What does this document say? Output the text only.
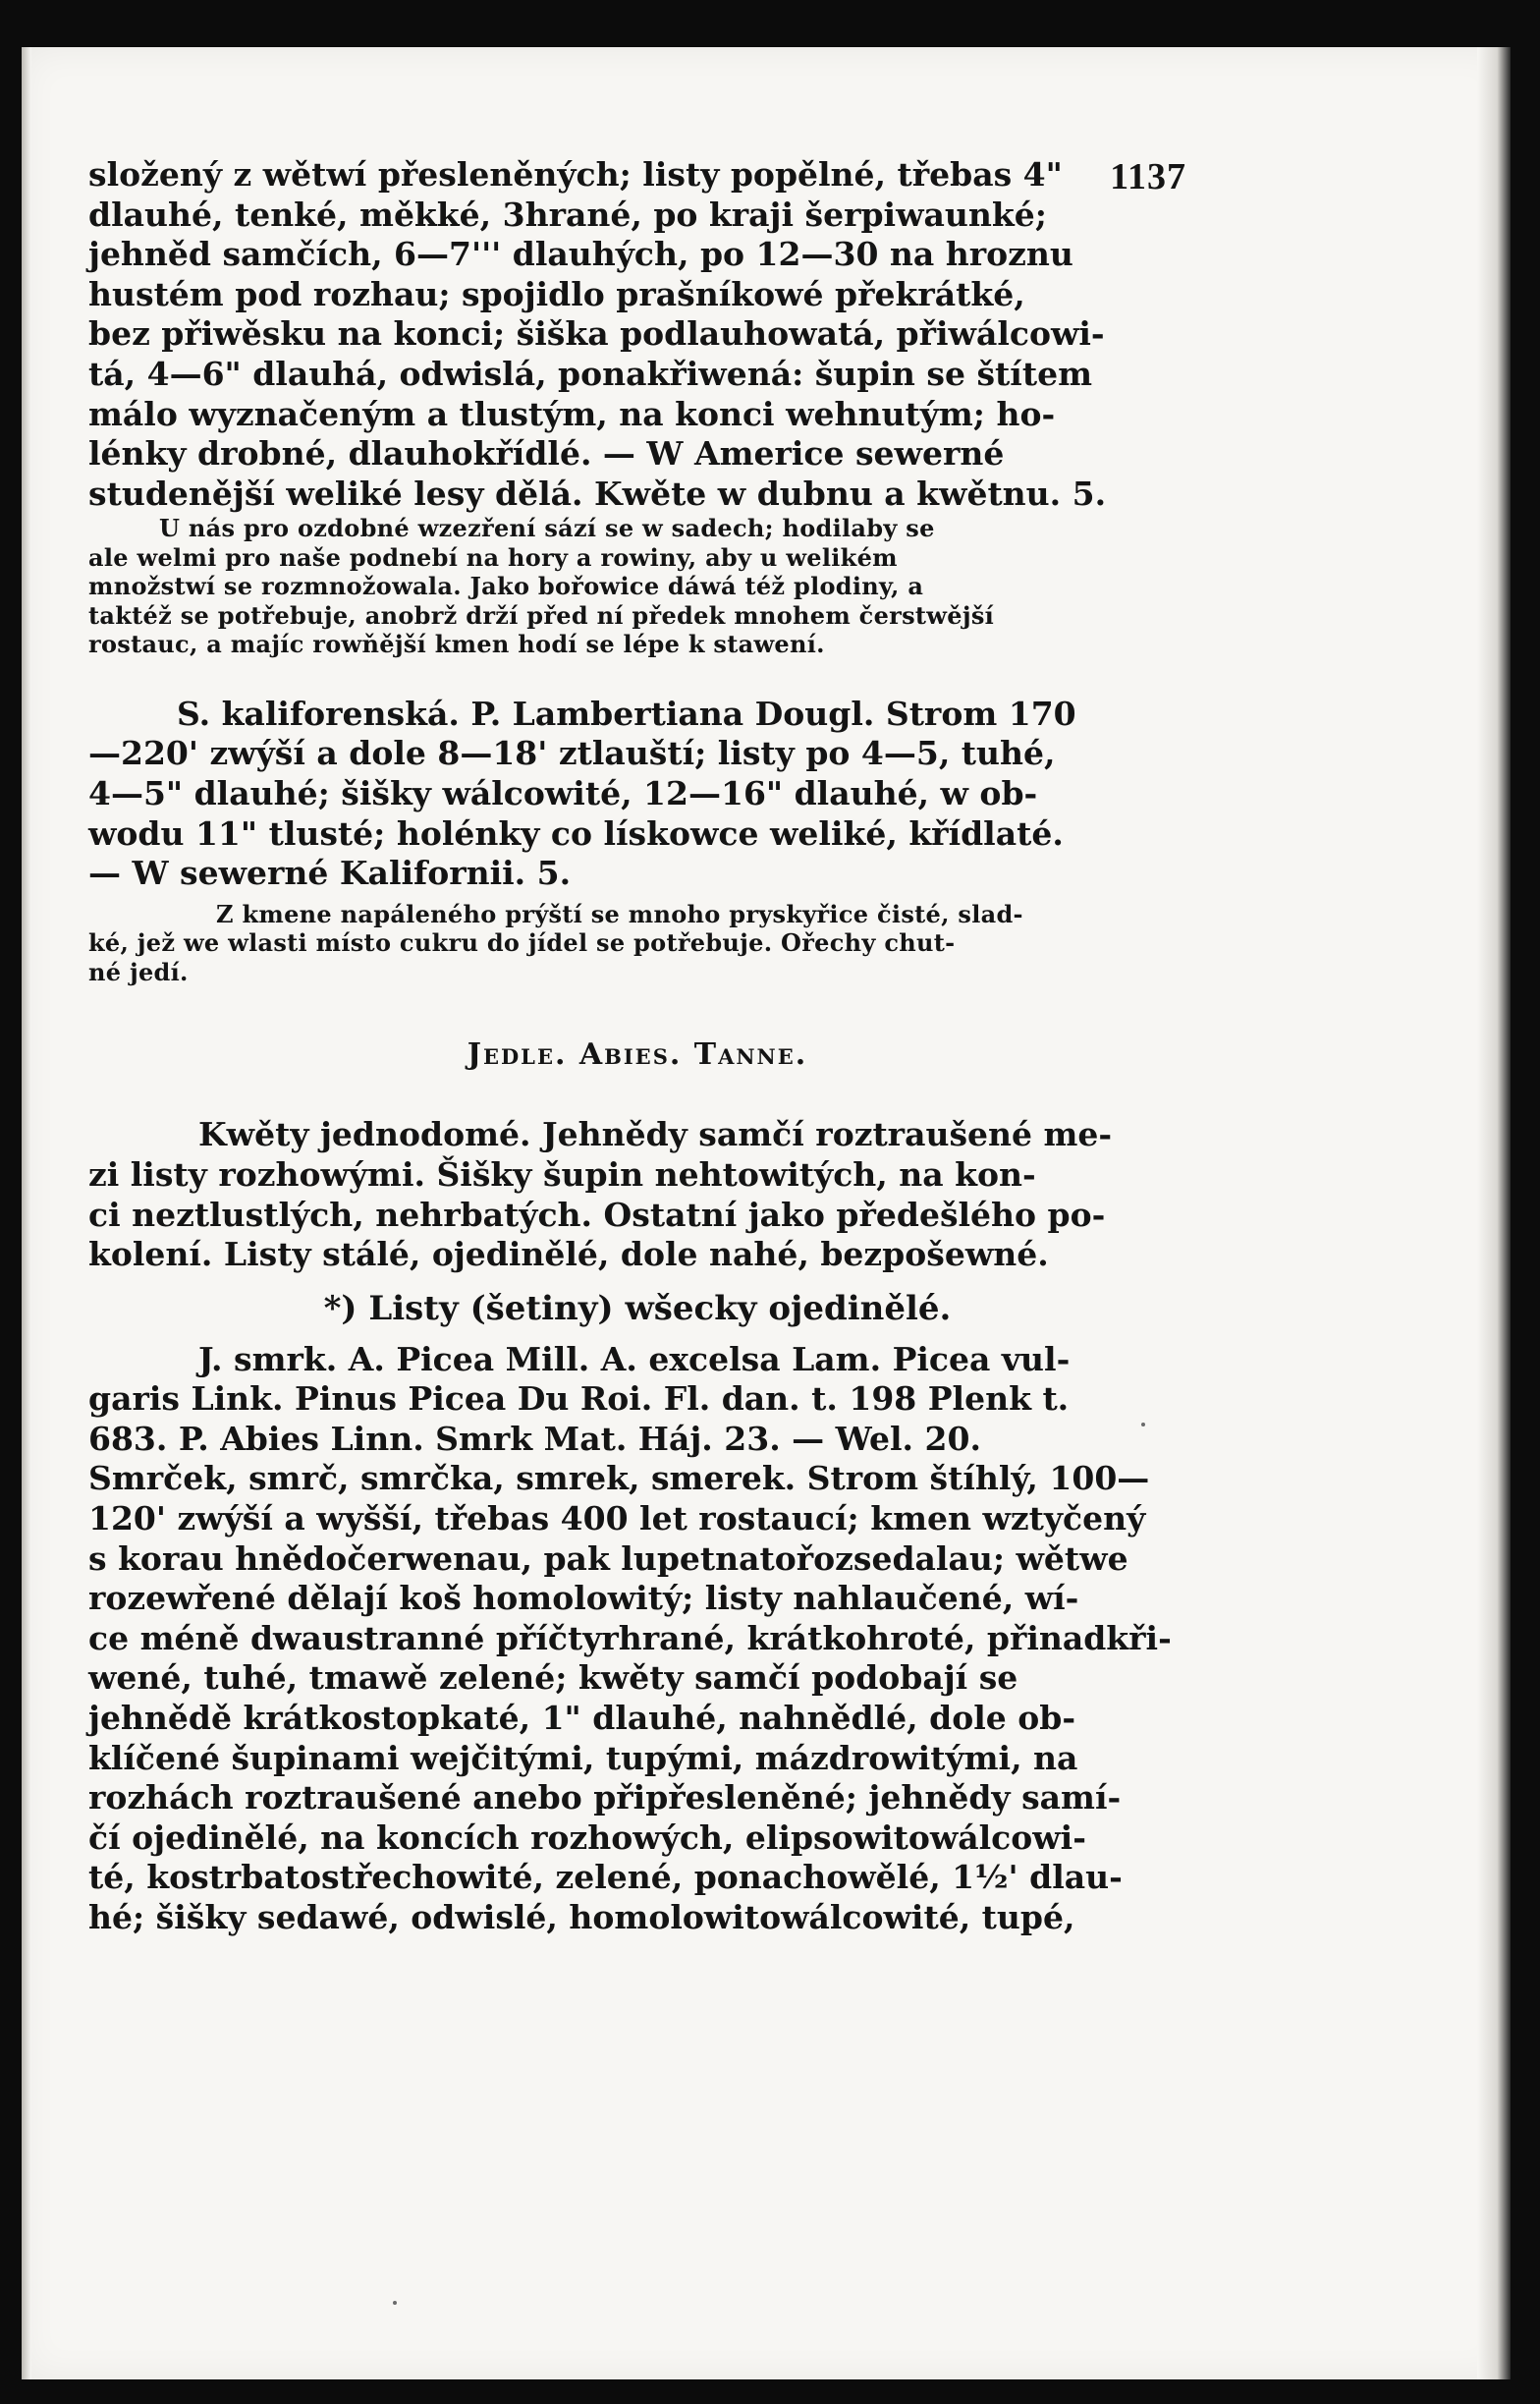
1137

složený z wětwí přesleněných; listy popělné, třebas 4"
dlauhé, tenké, měkké, 3hrané, po kraji šerpiwaunké;
jehněd samčích, 6—7''' dlauhých, po 12—30 na hroznu
hustém pod rozhau; spojidlo prašníkowé překrátké,
bez přiwěsku na konci; šiška podlauhowatá, přiwálcowi-
tá, 4—6" dlauhá, odwislá, ponakřiwená: šupin se štítem
málo wyznačeným a tlustým, na konci wehnutým; ho-
lénky drobné, dlauhokřídlé. — W Americe sewerné
studenější weliké lesy dělá. Kwěte w dubnu a kwětnu. 5.

U nás pro ozdobné wzezření sází se w sadech; hodilaby se
ale welmi pro naše podnebí na hory a rowiny, aby u welikém
množstwí se rozmnožowala. Jako bořowice dáwá též plodiny, a
taktéž se potřebuje, anobrž drží před ní předek mnohem čerstwější
rostauc, a majíc rowňější kmen hodí se lépe k stawení.

S. kaliforenská. P. Lambertiana Dougl. Strom 170
—220' zwýší a dole 8—18' ztlauští; listy po 4—5, tuhé,
4—5" dlauhé; šišky wálcowité, 12—16" dlauhé, w ob-
wodu 11" tlusté; holénky co lískowce weliké, křídlaté.
— W sewerné Kalifornii. 5.

Z kmene napáleného prýští se mnoho pryskyřice čisté, slad-
ké, jež we wlasti místo cukru do jídel se potřebuje. Ořechy chut-
né jedí.

Jedle. Abies. Tanne.

Kwěty jednodomé. Jehnědy samčí roztraušené me-
zi listy rozhowými. Šišky šupin nehtowitých, na kon-
ci neztlustlých, nehrbatých. Ostatní jako předešlého po-
kolení. Listy stálé, ojedinělé, dole nahé, bezpošewné.

*) Listy (šetiny) wšecky ojedinělé.

J. smrk. A. Picea Mill. A. excelsa Lam. Picea vul-
garis Link. Pinus Picea Du Roi. Fl. dan. t. 198 Plenk t.
683. P. Abies Linn. Smrk Mat. Háj. 23. — Wel. 20.
Smrček, smrč, smrčka, smrek, smerek. Strom štíhlý, 100—
120' zwýší a wyšší, třebas 400 let rostaucí; kmen wztyčený
s korau hnědočerwenau, pak lupetnatořozsedalau; wětwe
rozewřené dělají koš homolowitý; listy nahlaučené, wí-
ce méně dwaustranné příčtyrhrané, krátkohroté, přinadkři-
wené, tuhé, tmawě zelené; kwěty samčí podobají se
jehnědě krátkostopkaté, 1" dlauhé, nahnědlé, dole ob-
klíčené šupinami wejčitými, tupými, mázdrowitými, na
rozhách roztraušené anebo připřesleněné; jehnědy samí-
čí ojedinělé, na koncích rozhowých, elipsowitowálcowi-
té, kostrbatostřechowité, zelené, ponachowělé, 1½' dlau-
hé; šišky sedawé, odwislé, homolowitowálcowité, tupé,
